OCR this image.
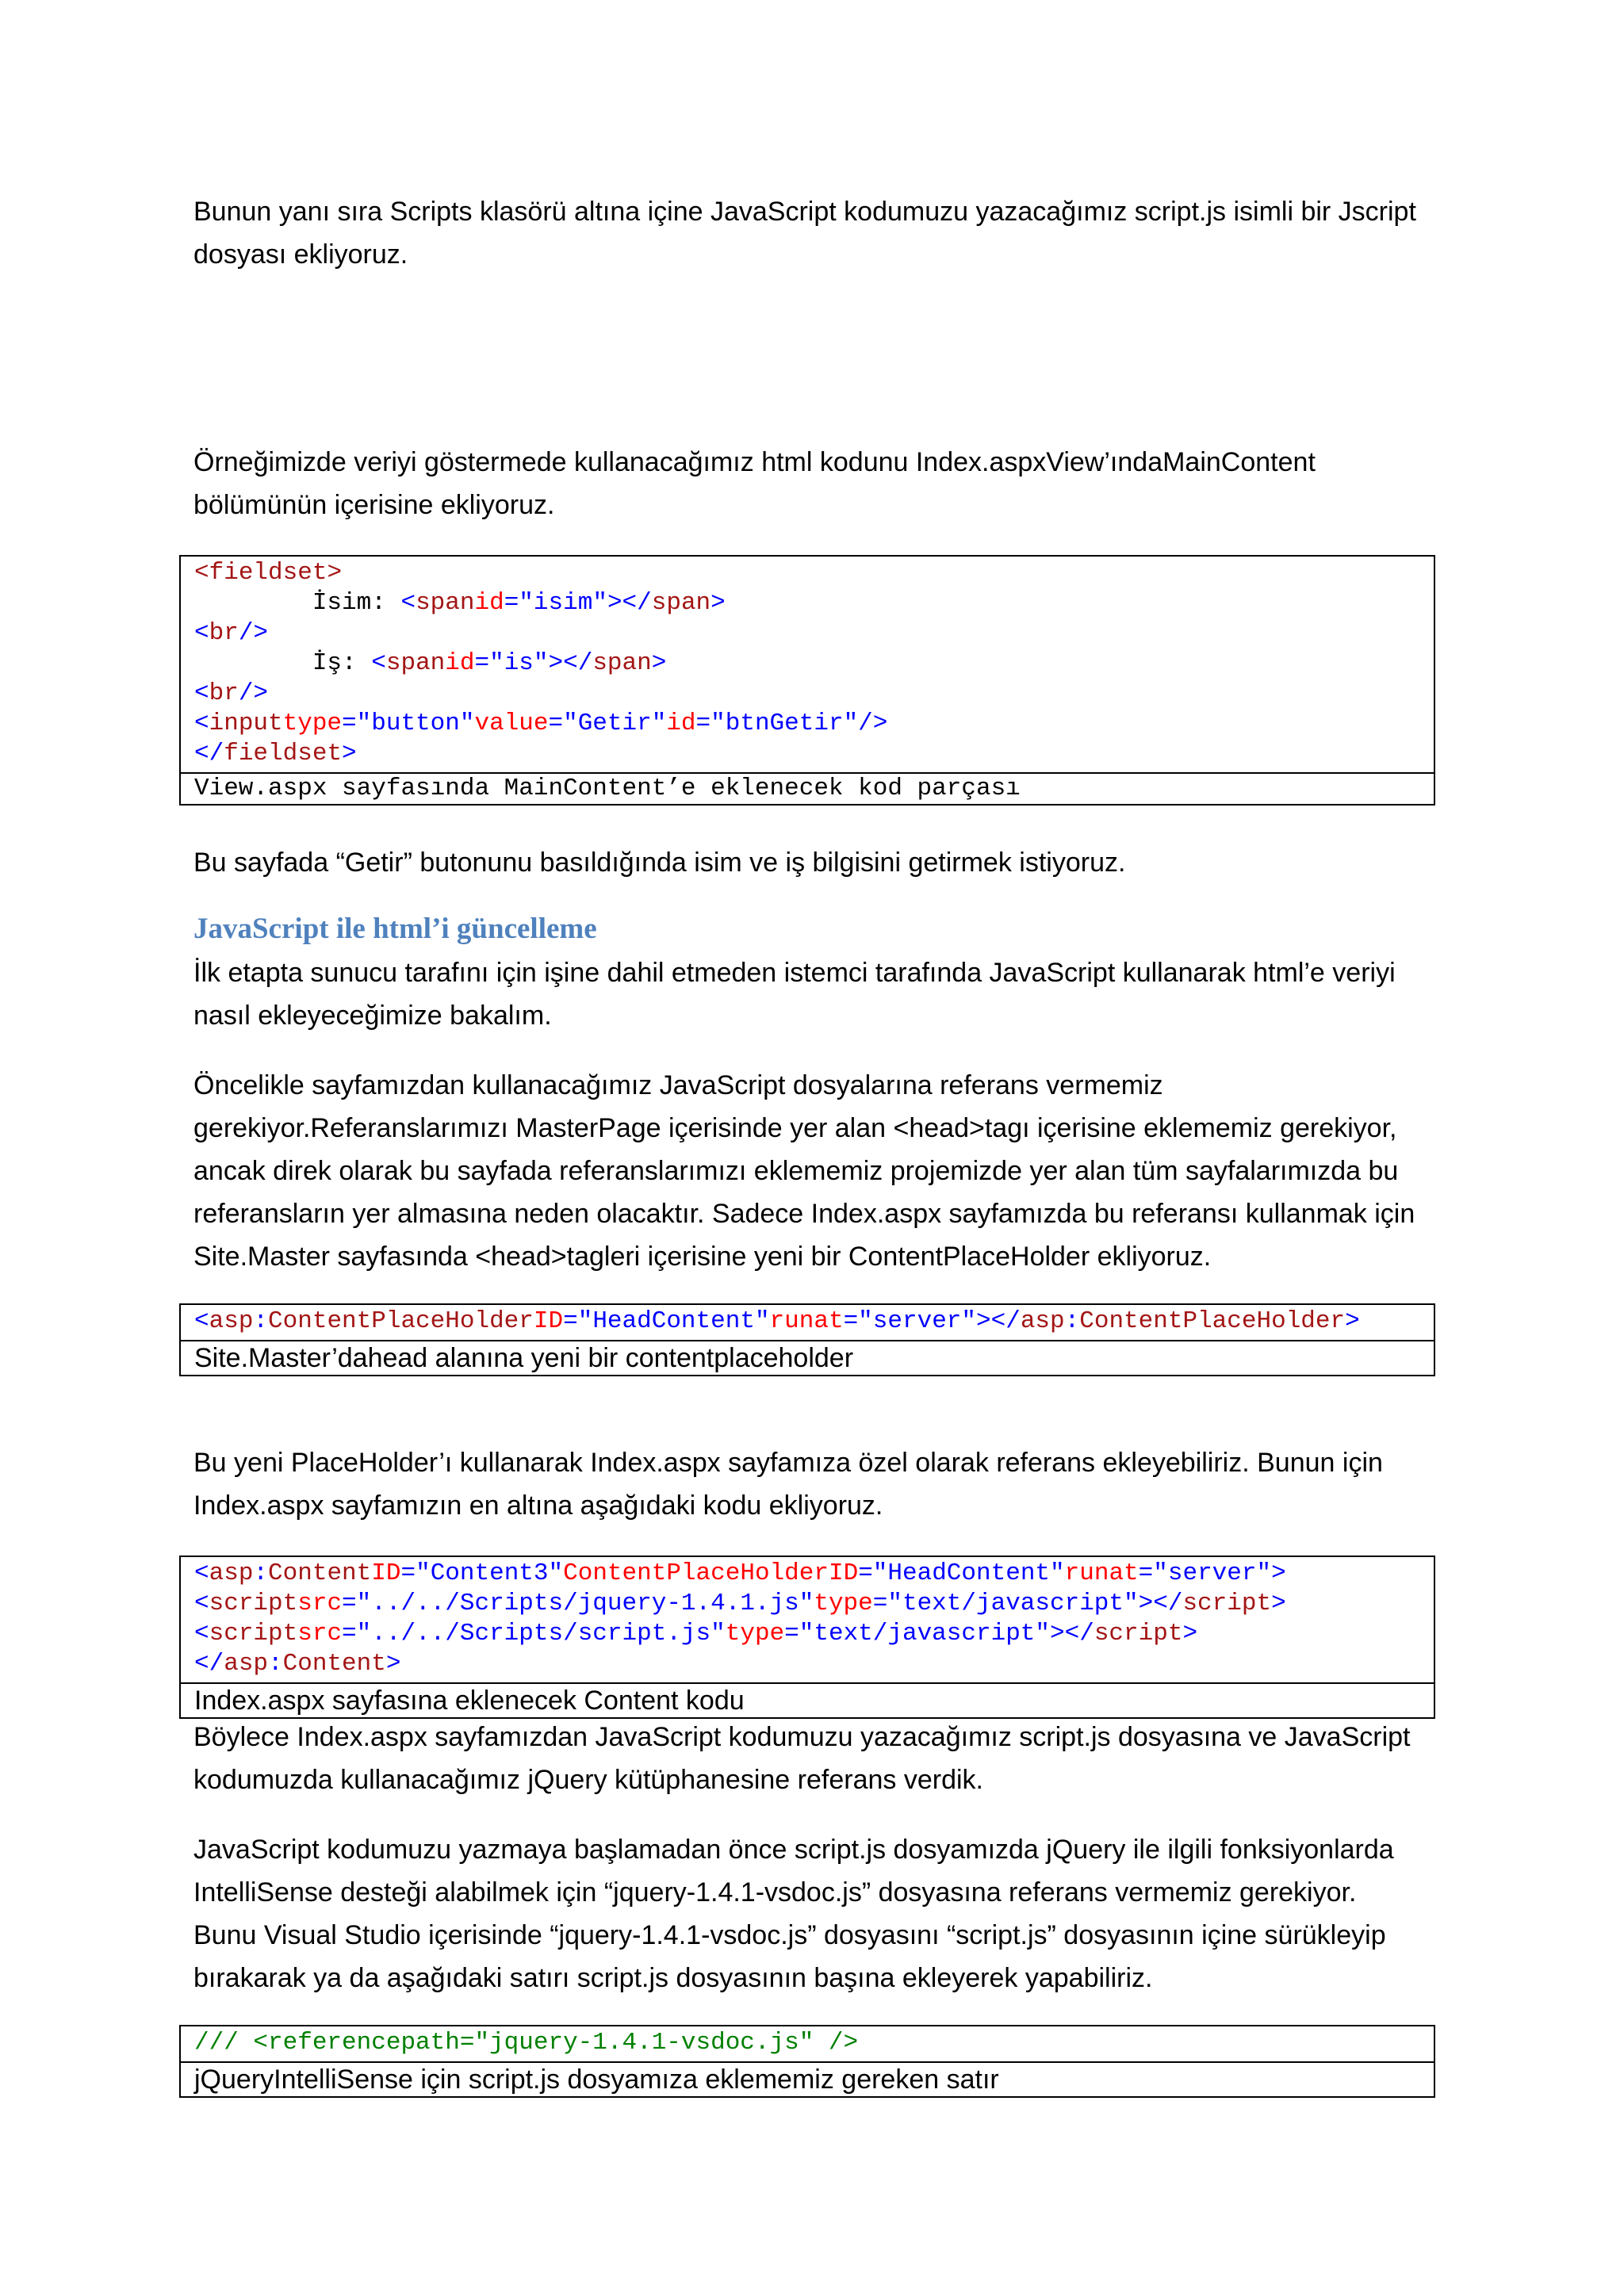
Bunun yanı sıra Scripts klasörü altına içine JavaScript kodumuzu yazacağımız script.js isimli bir Jscript
dosyası ekliyoruz.
Örneğimizde veriyi göstermede kullanacağımız html kodunu Index.aspxView’ındaMainContent
bölümünün içerisine ekliyoruz.
<fieldset>
İsim: <spanid="isim"></span>
<br/>
İş: <spanid="is"></span>
<br/>
<inputtype="button"value="Getir"id="btnGetir"/>
</fieldset>
View.aspx sayfasında MainContent’e eklenecek kod parçası
Bu sayfada “Getir” butonunu basıldığında isim ve iş bilgisini getirmek istiyoruz.
JavaScript ile html’i güncelleme
İlk etapta sunucu tarafını için işine dahil etmeden istemci tarafında JavaScript kullanarak html’e veriyi
nasıl ekleyeceğimize bakalım.
Öncelikle sayfamızdan kullanacağımız JavaScript dosyalarına referans vermemiz
gerekiyor.Referanslarımızı MasterPage içerisinde yer alan <head>tagı içerisine eklememiz gerekiyor,
ancak direk olarak bu sayfada referanslarımızı eklememiz projemizde yer alan tüm sayfalarımızda bu
referansların yer almasına neden olacaktır. Sadece Index.aspx sayfamızda bu referansı kullanmak için
Site.Master sayfasında <head>tagleri içerisine yeni bir ContentPlaceHolder ekliyoruz.
<asp:ContentPlaceHolderID="HeadContent"runat="server"></asp:ContentPlaceHolder>
Site.Master’dahead alanına yeni bir contentplaceholder
Bu yeni PlaceHolder’ı kullanarak Index.aspx sayfamıza özel olarak referans ekleyebiliriz. Bunun için
Index.aspx sayfamızın en altına aşağıdaki kodu ekliyoruz.
<asp:ContentID="Content3"ContentPlaceHolderID="HeadContent"runat="server">
<scriptsrc="../../Scripts/jquery-1.4.1.js"type="text/javascript"></script>
<scriptsrc="../../Scripts/script.js"type="text/javascript"></script>
</asp:Content>
Index.aspx sayfasına eklenecek Content kodu
Böylece Index.aspx sayfamızdan JavaScript kodumuzu yazacağımız script.js dosyasına ve JavaScript
kodumuzda kullanacağımız jQuery kütüphanesine referans verdik.
JavaScript kodumuzu yazmaya başlamadan önce script.js dosyamızda jQuery ile ilgili fonksiyonlarda
IntelliSense desteği alabilmek için “jquery-1.4.1-vsdoc.js” dosyasına referans vermemiz gerekiyor.
Bunu Visual Studio içerisinde “jquery-1.4.1-vsdoc.js” dosyasını “script.js” dosyasının içine sürükleyip
bırakarak ya da aşağıdaki satırı script.js dosyasının başına ekleyerek yapabiliriz.
/// <referencepath="jquery-1.4.1-vsdoc.js" />
jQueryIntelliSense için script.js dosyamıza eklememiz gereken satır
